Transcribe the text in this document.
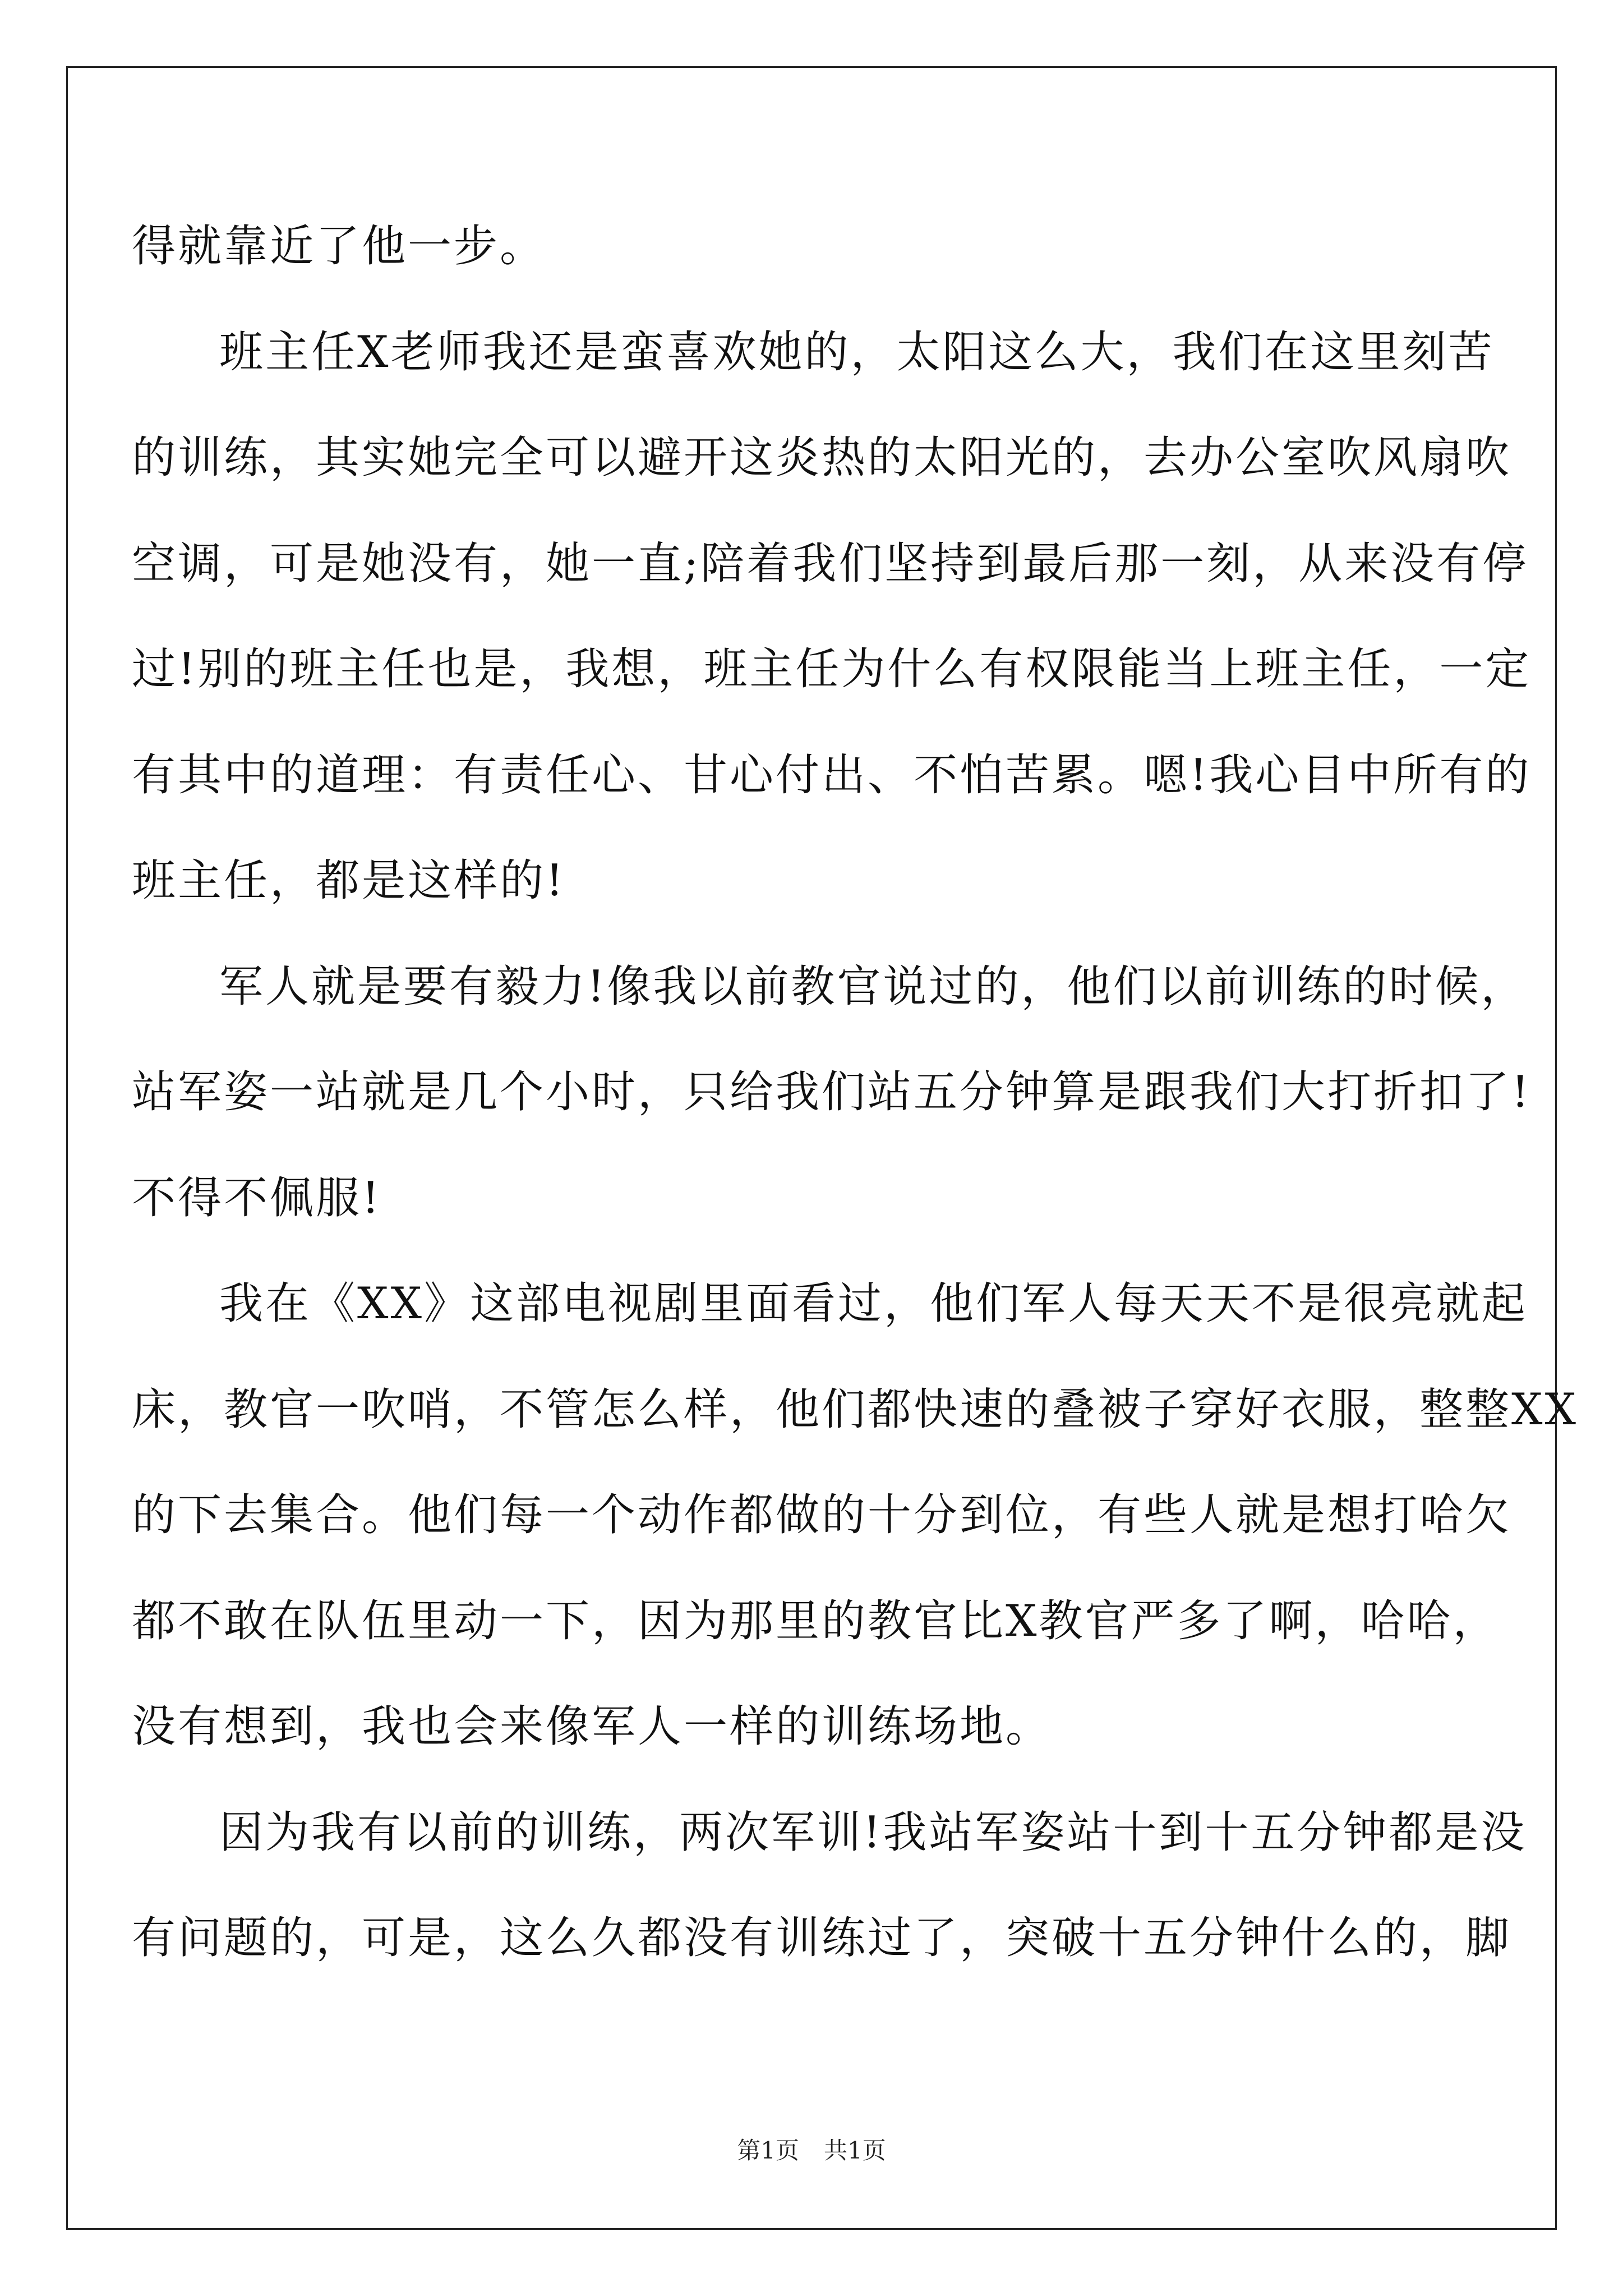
得就靠近了他一步。

班主任X老师我还是蛮喜欢她的，太阳这么大，我们在这里刻苦

的训练，其实她完全可以避开这炎热的太阳光的，去办公室吹风扇吹

空调，可是她没有，她一直;陪着我们坚持到最后那一刻，从来没有停

过!别的班主任也是，我想，班主任为什么有权限能当上班主任，一定

有其中的道理：有责任心、甘心付出、不怕苦累。嗯!我心目中所有的

班主任，都是这样的!

军人就是要有毅力!像我以前教官说过的，他们以前训练的时候，

站军姿一站就是几个小时，只给我们站五分钟算是跟我们大打折扣了!

不得不佩服!

我在《XX》这部电视剧里面看过，他们军人每天天不是很亮就起

床，教官一吹哨，不管怎么样，他们都快速的叠被子穿好衣服，整整XX

的下去集合。他们每一个动作都做的十分到位，有些人就是想打哈欠

都不敢在队伍里动一下，因为那里的教官比X教官严多了啊，哈哈，

没有想到，我也会来像军人一样的训练场地。

因为我有以前的训练，两次军训!我站军姿站十到十五分钟都是没

有问题的，可是，这么久都没有训练过了，突破十五分钟什么的，脚

第1页 共1页
